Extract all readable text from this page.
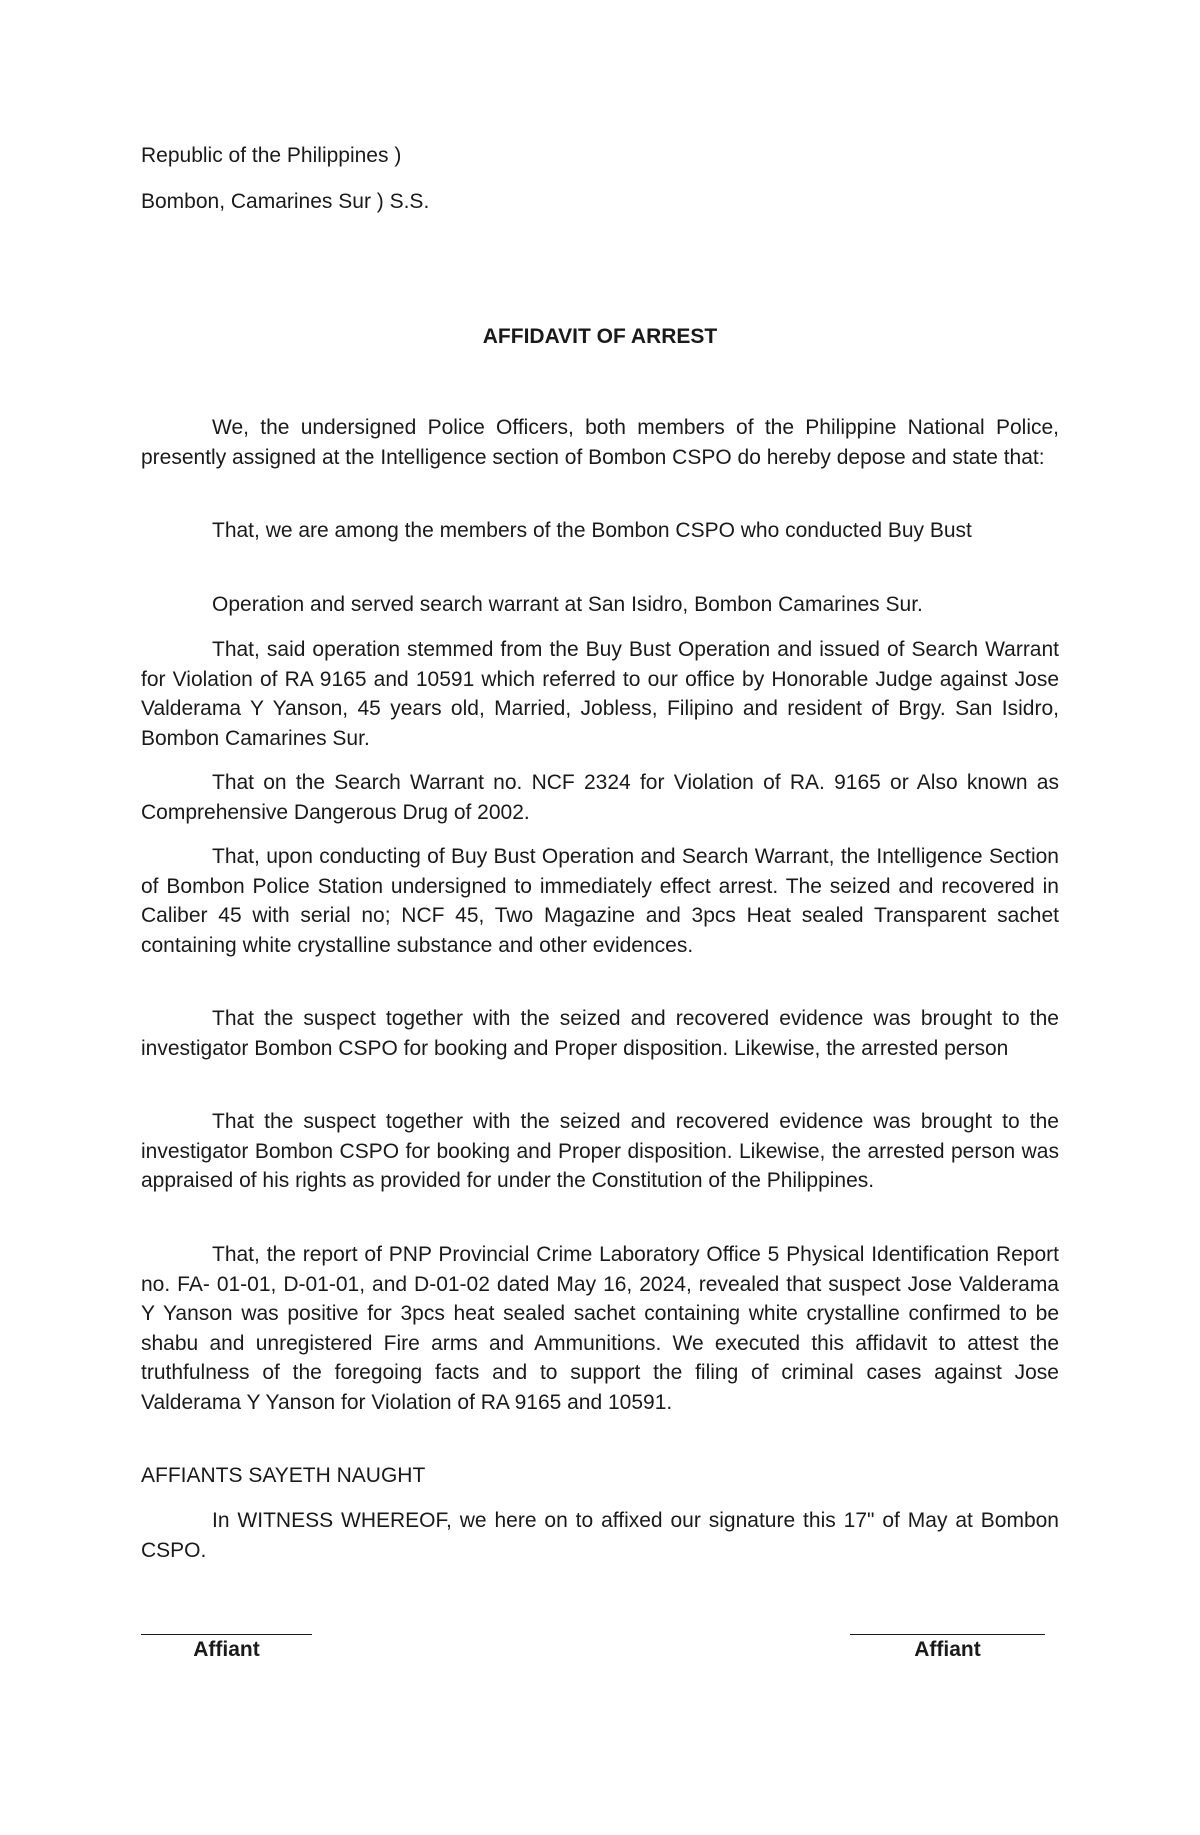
Republic of the Philippines )
Bombon, Camarines Sur ) S.S.
AFFIDAVIT OF ARREST

We, the undersigned Police Officers, both members of the Philippine National Police, presently assigned at the Intelligence section of Bombon CSPO do hereby depose and state that:

That, we are among the members of the Bombon CSPO who conducted Buy Bust

Operation and served search warrant at San Isidro, Bombon Camarines Sur.

That, said operation stemmed from the Buy Bust Operation and issued of Search Warrant for Violation of RA 9165 and 10591 which referred to our office by Honorable Judge against Jose Valderama Y Yanson, 45 years old, Married, Jobless, Filipino and resident of Brgy. San Isidro, Bombon Camarines Sur.

That on the Search Warrant no. NCF 2324 for Violation of RA. 9165 or Also known as Comprehensive Dangerous Drug of 2002.

That, upon conducting of Buy Bust Operation and Search Warrant, the Intelligence Section of Bombon Police Station undersigned to immediately effect arrest. The seized and recovered in Caliber 45 with serial no; NCF 45, Two Magazine and 3pcs Heat sealed Transparent sachet containing white crystalline substance and other evidences.

That the suspect together with the seized and recovered evidence was brought to the investigator Bombon CSPO for booking and Proper disposition. Likewise, the arrested person

That the suspect together with the seized and recovered evidence was brought to the investigator Bombon CSPO for booking and Proper disposition. Likewise, the arrested person was appraised of his rights as provided for under the Constitution of the Philippines.

That, the report of PNP Provincial Crime Laboratory Office 5 Physical Identification Report no. FA- 01-01, D-01-01, and D-01-02 dated May 16, 2024, revealed that suspect Jose Valderama Y Yanson was positive for 3pcs heat sealed sachet containing white crystalline confirmed to be shabu and unregistered Fire arms and Ammunitions. We executed this affidavit to attest the truthfulness of the foregoing facts and to support the filing of criminal cases against Jose Valderama Y Yanson for Violation of RA 9165 and 10591.

AFFIANTS SAYETH NAUGHT

In WITNESS WHEREOF, we here on to affixed our signature this 17" of May at Bombon CSPO.

Affiant	Affiant
